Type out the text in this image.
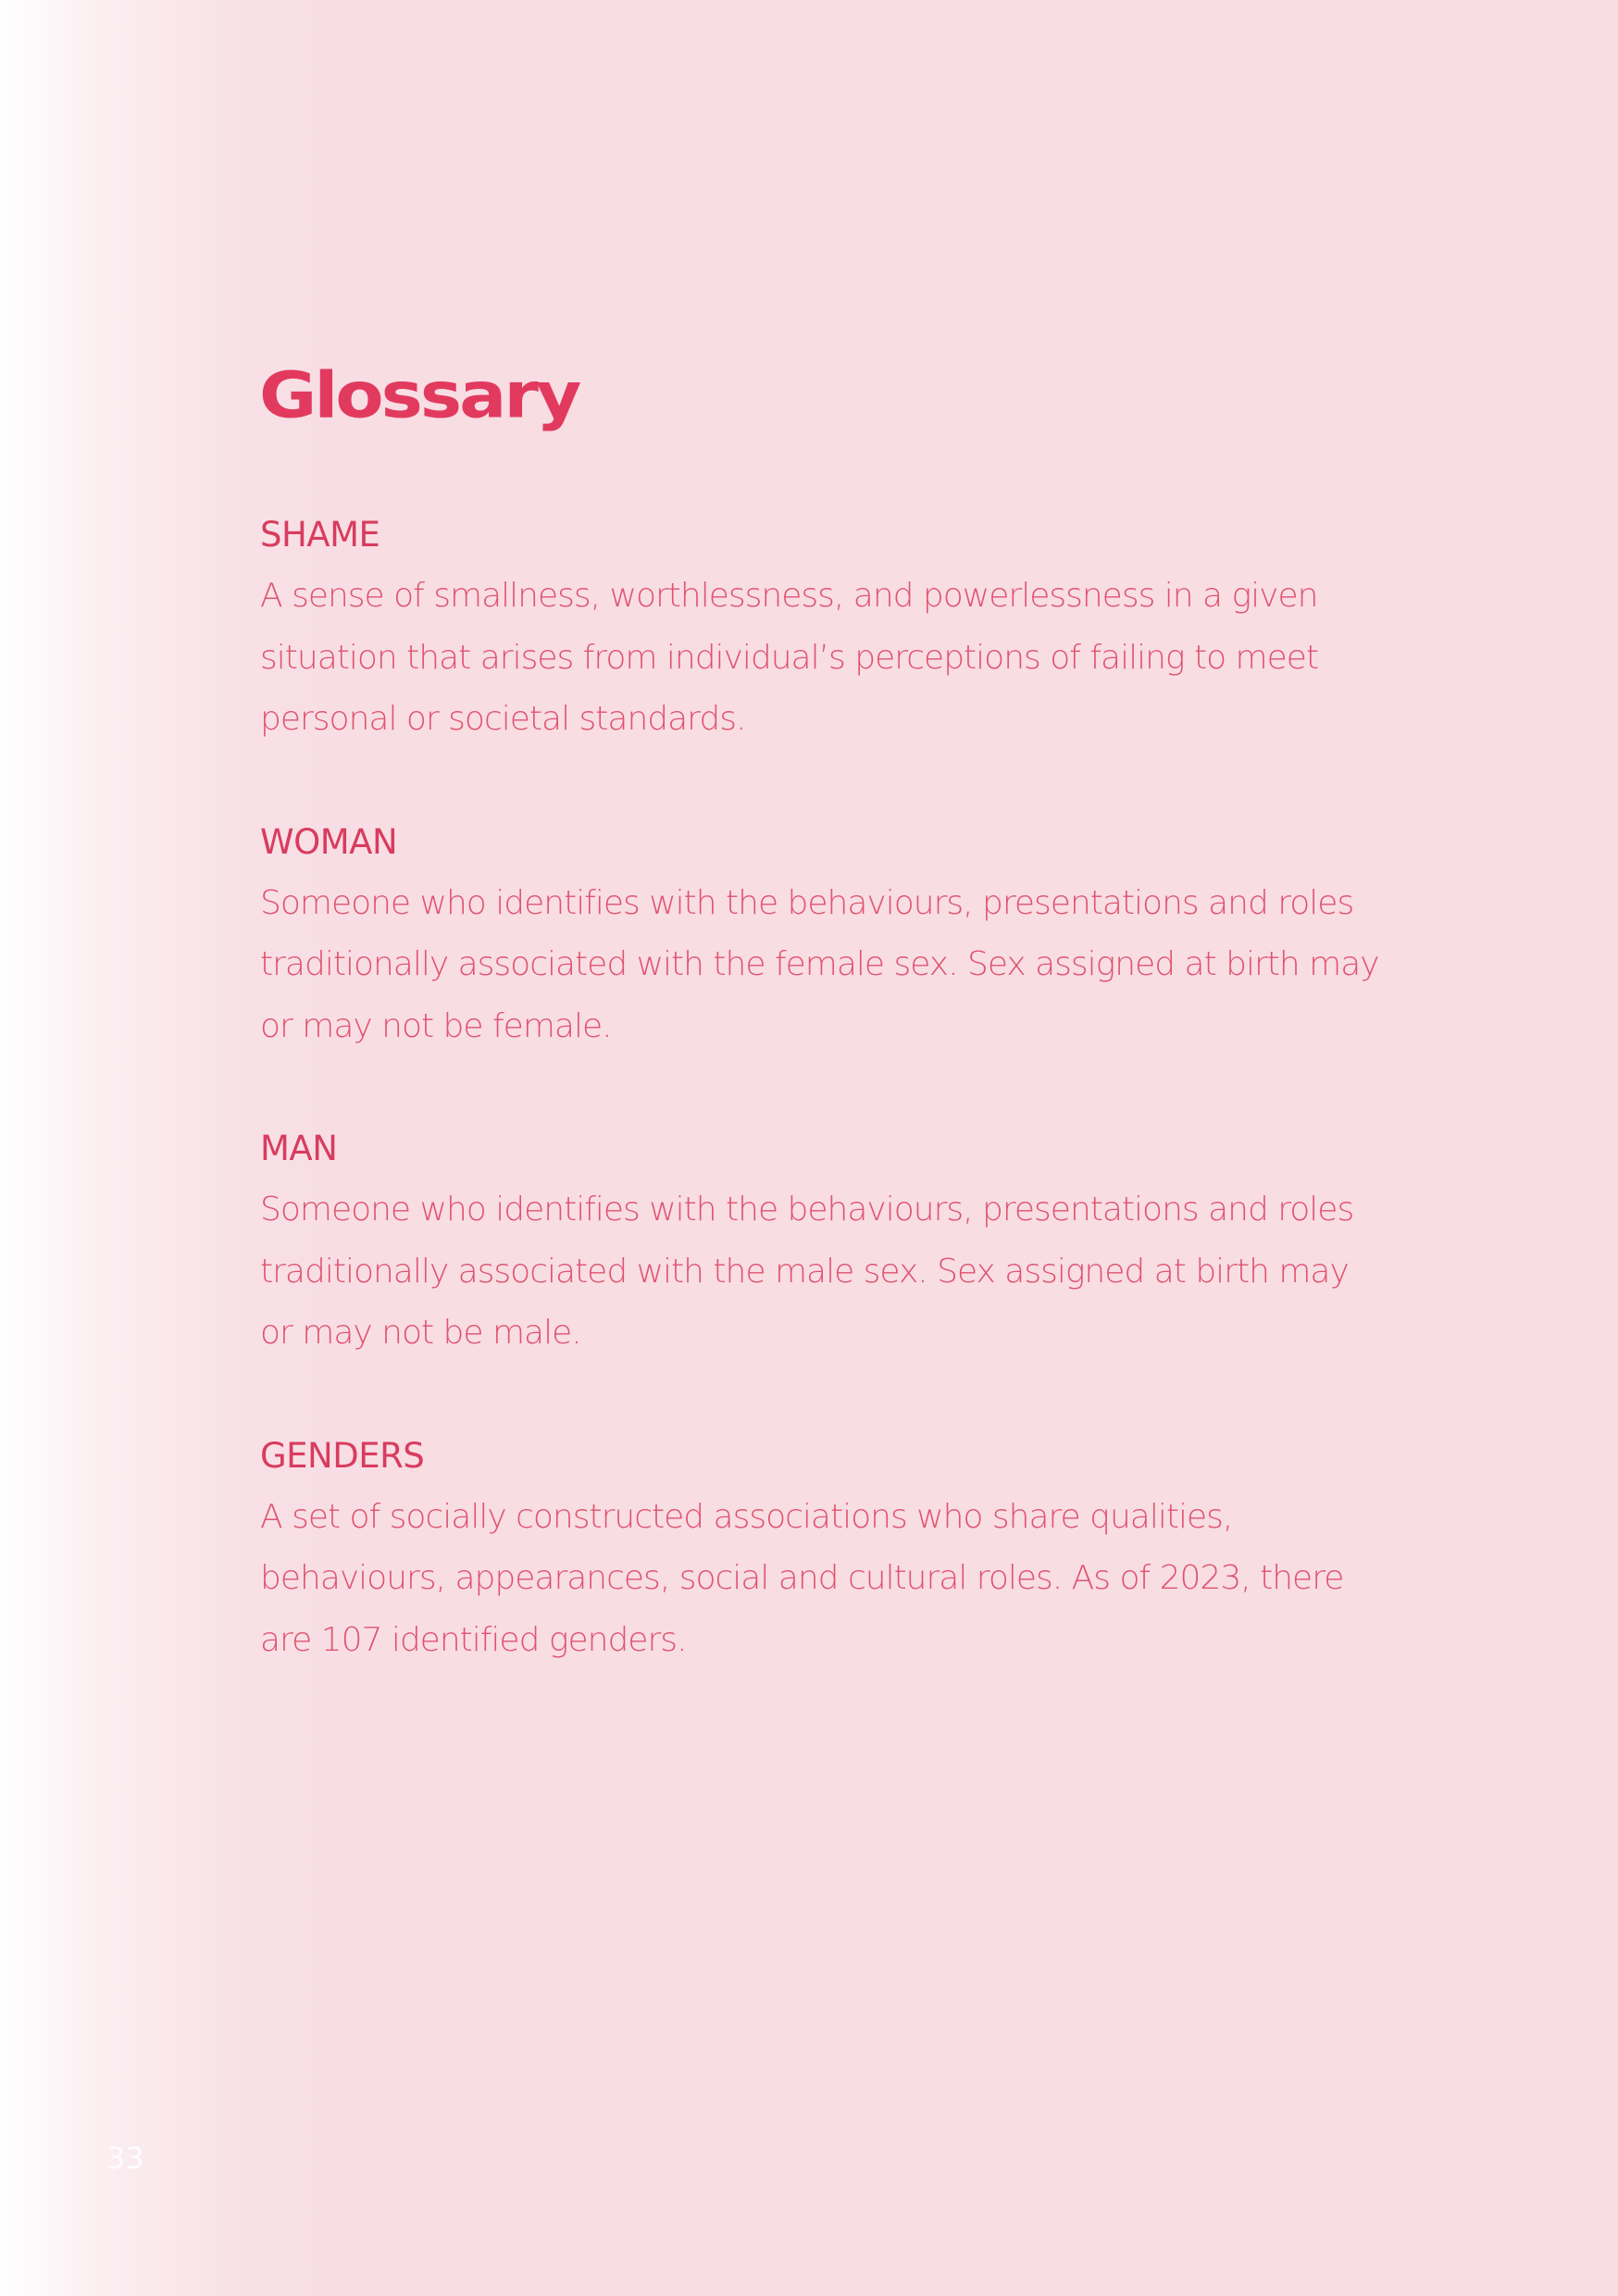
Glossary

SHAME

A sense of smallness, worthlessness, and powerlessness in a given
situation that arises from individual’s perceptions of failing to meet
personal or societal standards.

WOMAN

Someone who identifies with the behaviours, presentations and roles
traditionally associated with the female sex. Sex assigned at birth may
or may not be female.

MAN

Someone who identifies with the behaviours, presentations and roles
traditionally associated with the male sex. Sex assigned at birth may
or may not be male.

GENDERS

A set of socially constructed associations who share qualities,
behaviours, appearances, social and cultural roles. As of 2023, there
are 107 identified genders.

33
